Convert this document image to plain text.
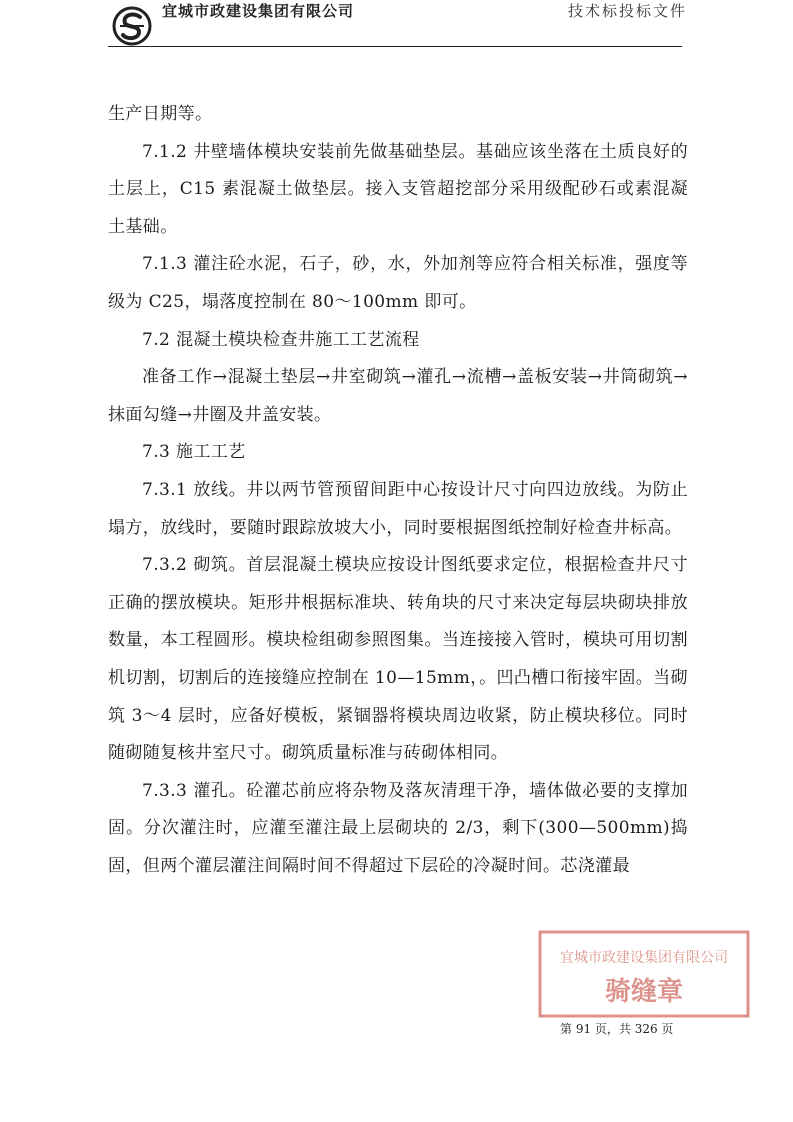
宜城市政建设集团有限公司	技术标投标文件

生产日期等。

7.1.2 井壁墙体模块安装前先做基础垫层。基础应该坐落在土质良好的土层上，C15 素混凝土做垫层。接入支管超挖部分采用级配砂石或素混凝土基础。

7.1.3 灌注砼水泥，石子，砂，水，外加剂等应符合相关标准，强度等级为 C25，塌落度控制在 80～100mm 即可。

7.2 混凝土模块检查井施工工艺流程

准备工作→混凝土垫层→井室砌筑→灌孔→流槽→盖板安装→井筒砌筑→抹面勾缝→井圈及井盖安装。

7.3 施工工艺

7.3.1 放线。井以两节管预留间距中心按设计尺寸向四边放线。为防止塌方，放线时，要随时跟踪放坡大小，同时要根据图纸控制好检查井标高。

7.3.2 砌筑。首层混凝土模块应按设计图纸要求定位，根据检查井尺寸正确的摆放模块。矩形井根据标准块、转角块的尺寸来决定每层块砌块排放数量，本工程圆形。模块检组砌参照图集。当连接接入管时，模块可用切割机切割，切割后的连接缝应控制在 10—15mm，。凹凸槽口衔接牢固。当砌筑 3～4 层时，应备好模板，紧锢器将模块周边收紧，防止模块移位。同时随砌随复核井室尺寸。砌筑质量标准与砖砌体相同。

7.3.3 灌孔。砼灌芯前应将杂物及落灰清理干净，墙体做必要的支撑加固。分次灌注时，应灌至灌注最上层砌块的 2/3，剩下(300—500mm)捣固，但两个灌层灌注间隔时间不得超过下层砼的冷凝时间。芯浇灌最

宜城市政建设集团有限公司
骑缝章
第 91 页，共 326 页
